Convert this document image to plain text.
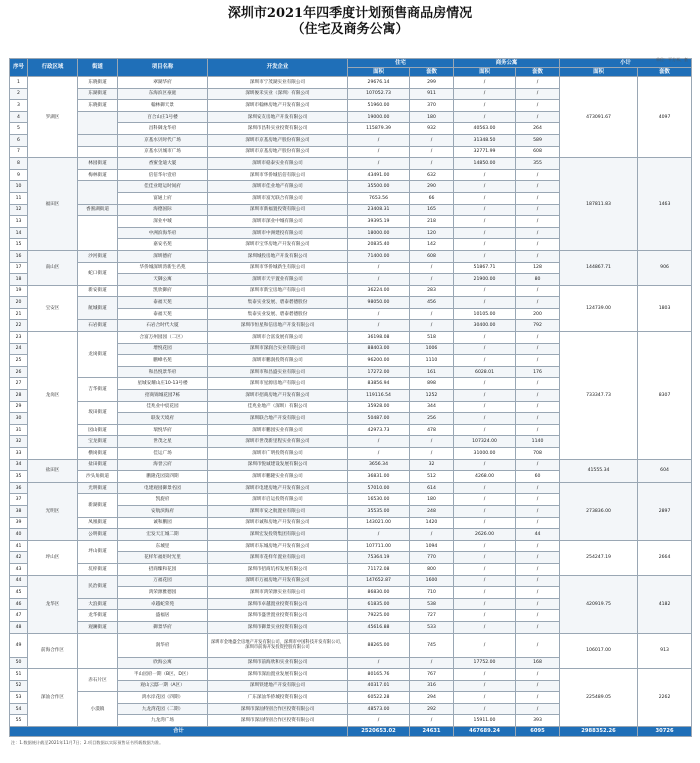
深圳市2021年四季度计划预售商品房情况
（住宅及商务公寓）
单位：平方米、套
序号	行政区域	街道	项目名称	开发企业	住宅		商务公寓		小计	
					面积	套数	面积	套数	面积	套数
1	罗湖区	东晓街道	翠湖华府	深圳市宁茂湖实业有限公司	29676.14	299	/	/	473091.67	4097
2		东湖街道	东海滨区豪庭	深圳俊禾实业（深圳）有限公司	107052.73	911	/	/		
3		东晓街道	翰林御天景	深圳市翰林房地产开发有限公司	51960.00	370	/	/		
4			百合山庄1号楼	深圳安友房地产开发有限公司	19000.00	180	/	/		
5			昌科御龙华府	深圳市昌科实业投资有限公司	115879.39	932	40563.00	264		
6			京基水贝时代广场	深圳市京基房地产股份有限公司	/	/	31348.50	589		
7			京基水贝城市广场	深圳市京基房地产股份有限公司	/	/	32771.99	608		
8	福田区	林园街道	香蜜金迪大厦	深圳市稳泰实业有限公司	/	/	14850.00	355	187811.83	1463
9		梅林街道	倍倍华尔壹府	深圳市华侨城倍倍有限公司	43491.00	632	/	/		
10			佳佳业昭运时间府	深圳市佳业地产有限公司	35500.00	290	/	/		
11			富通上府	深圳市富光联合有限公司	7653.56	66	/	/		
12		香蜜湖街道	海德国际	深圳市新福置投资有限公司	23408.31	165	/	/		
13			深业中城	深圳市深业中城有限公司	39395.19	218	/	/		
14			中洲滨海华府	深圳市中洲建投有限公司	18000.00	120	/	/		
15			嘉安名苑	深圳市宝华房地产开发有限公司	20835.40	142	/	/		
16	南山区	沙河街道	深圳德府	深圳城投房地产开发有限公司	71400.00	608	/	/	144867.71	906
17		蛇口街道	华侨城深圳湾新生名苑	深圳市华侨城新生有限公司	/	/	51867.71	128		
18			天御公寓	深圳市天宇置业有限公司	/	/	21900.00	80		
19	宝安区	新安街道	凯欣御府	深圳市新宝房地产有限公司	36224.00	283	/	/	124739.00	1803
20		航城街道	泰福天苑	集泰实业发展、碧泰碧德股份	98050.00	456	/	/		
21			泰福天苑	集泰实业发展、碧泰碧德股份	/	/	10105.00	200		
22		石岩街道	石岩合时代大厦	深圳市恒星和信房地产开发有限公司	/	/	30400.00	792		
23	龙岗区	龙岗街道	合富万州园园（二区）	深圳市合富发展有限公司	36198.08	518	/	/	733347.73	8307
24			增悦花园	深圳市深润合实业有限公司	88403.00	1006	/	/		
25			鹏峰名苑	深圳市鹏润投资有限公司	96200.00	1110	/	/		
26			和昌悦景华府	深圳市和昌盛实业有限公司	17272.00	161	6028.01	176		
27		吉华街道	星城安耀山庄10-13号楼	深圳市星源房地产有限公司	83856.94	898	/	/		
28			招商锦城花园7栋	深圳市招商房地产开发有限公司	119116.54	1252	/	/		
29		坂田街道	佳兆业中宸花园	佳兆业地产（深圳）有限公司	35928.00	344	/	/		
30			联发天境府	深圳联合地产开发有限公司	50487.00	256	/	/		
31		园山街道	瑞悦华府	深圳市鹏园实业有限公司	42973.73	478	/	/		
32		宝龙街道	世茂之星	深圳市世茂新里程实业有限公司	/	/	107324.00	1140		
33		横岗街道	佳运广场	深圳市广明投资有限公司	/	/	31000.00	708		
34	盐田区	盐田街道	海誉云府	深圳市悦诚建设发展有限公司	3656.34	32	/	/	41555.34	604
35		沙头角街道	鹏隆花园第四期	深圳市鹏隆实业有限公司	36831.00	512	4268.00	60		
36	光明区	光明街道	电建观园御景名园	深圳市电建房地产开发有限公司	57010.00	614	/	/	273836.00	2897
37		新湖街道	凯旋府	深圳市启运投资有限公司	16530.00	180	/	/		
38			安航滨海府	深圳市安之航置业有限公司	35535.00	248	/	/		
39		凤凰街道	诚和鹏园	深圳市诚和房地产开发有限公司	143021.00	1420	/	/		
40		公明街道	宏发天汇城二期	深圳宏发投资集团有限公司	/	/	2626.00	44		
41	坪山区	坪山街道	东城里	深圳市东城房地产开发有限公司	107711.00	1094	/	/	254247.19	2664
42			花样年福炬时光里	深圳市花样年置业有限公司	75364.19	770	/	/		
43		坑梓街道	招商臻和花园	深圳市招商坑梓发展有限公司	71172.08	800	/	/		
44	龙华区	民治街道	万福花园	深圳市万福房地产开发有限公司	147652.87	1600	/	/	420919.75	4182
45			鸿荣源雅德园	深圳市鸿荣源实业有限公司	86830.00	710	/	/		
46		大浪街道	卓越蛇荣苑	深圳市卓越置业投资有限公司	61835.00	538	/	/		
47		龙华街道	盛福居	深圳市盛世置业投资有限公司	79225.00	727	/	/		
48		观澜街道	御景华府	深圳市御景实业投资有限公司	45616.88	533	/	/		
49	前海合作区		润华府	深圳市金地盛全房地产开发有限公司、深圳市中国科技开发有限公司、深圳市前海开发投资控股有限公司	88265.00	745	/	/	106017.00	913
50			欣海公寓	深圳市前海欣和实业有限公司	/	/	17752.00	168		
51	深汕合作区	赤石片区	半山园府一期（B区、D区）	深圳市深汕置业发展有限公司	80165.76	767	/	/	225489.05	2262
52			观山云邸一期（A区）	深圳铁建地产开发有限公司	40317.01	316	/	/		
53		小漠镇	鸿水岸花园（四期）	广东深汕华侨城投资有限公司	60522.28	294	/	/		
54			九龙湾花园（二期）	深圳市深汕特别合作区投资有限公司	48573.00	292	/	/		
55			九龙湾广场	深圳市深汕特别合作区投资有限公司	/	/	15911.00	393		
合计					2520653.02	24631	467689.24	6095	2988352.26	30726
注：1.数据统计截至2021年11月7日；2.项目数据以实际预售证书所载数据为准。
